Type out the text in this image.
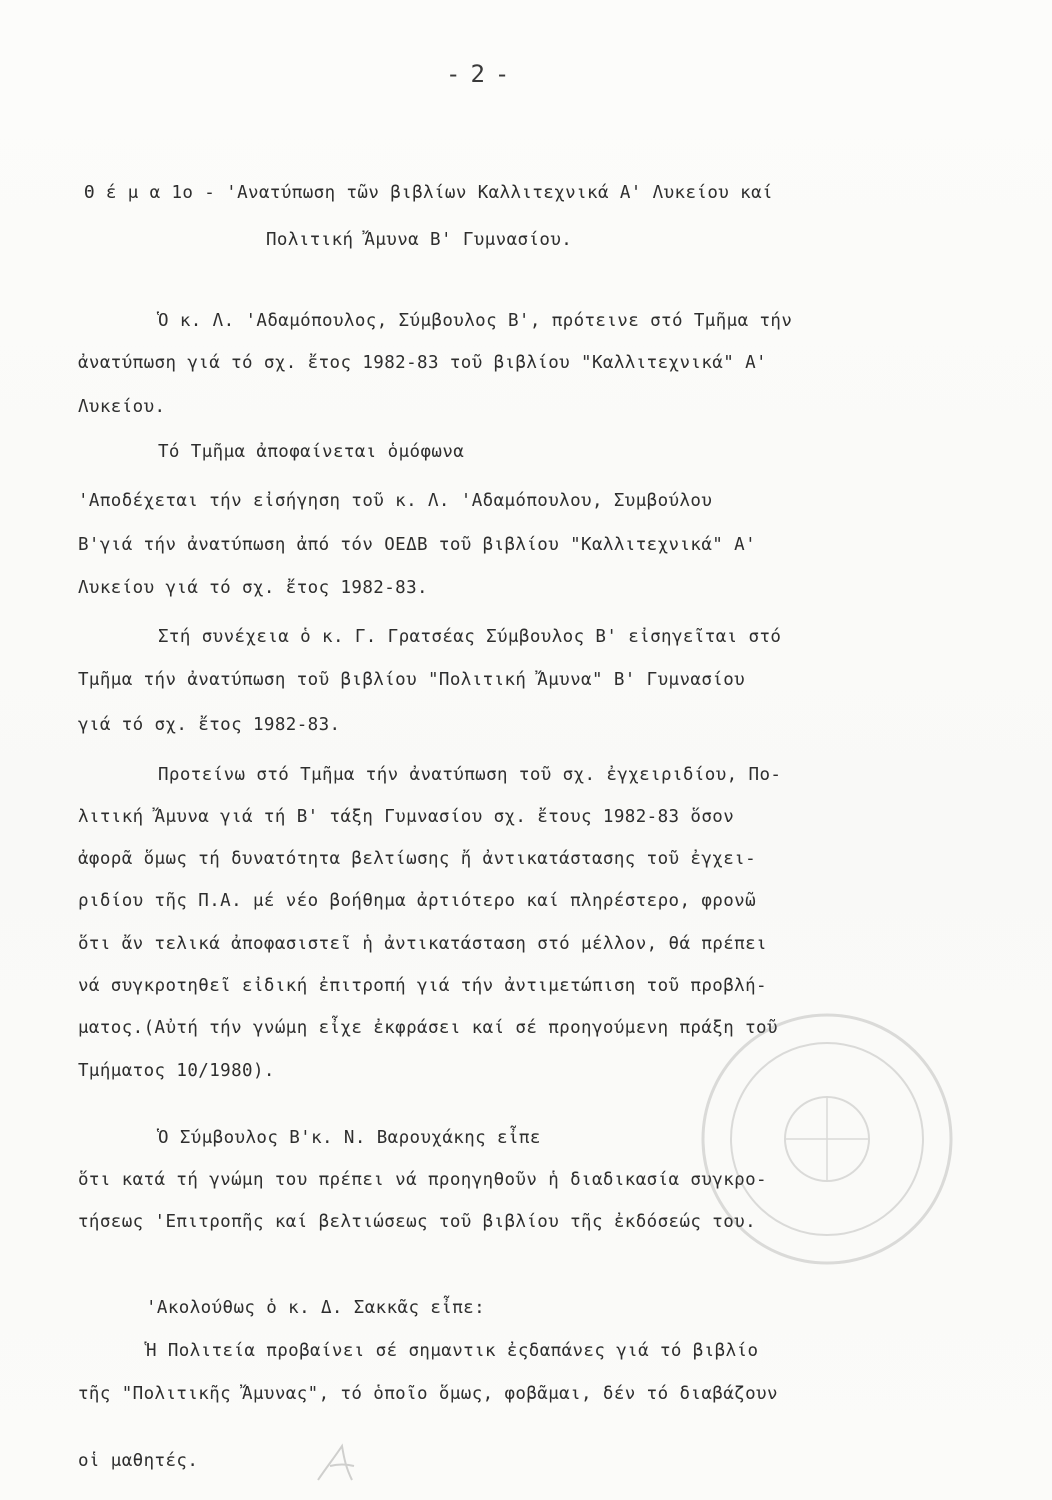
-2-
Θ έ μ α 1ο - 'Ανατύπωση τῶν βιβλίων Καλλιτεχνικά Α' Λυκείου καί
Πολιτική Ἄμυνα Β' Γυμνασίου.
Ὁ κ. Λ. 'Αδαμόπουλος, Σύμβουλος Β', πρότεινε στό Τμῆμα τήν
ἀνατύπωση γιά τό σχ. ἔτος 1982-83 τοῦ βιβλίου "Καλλιτεχνικά" Α'
Λυκείου.
Τό Τμῆμα ἀποφαίνεται ὁμόφωνα
'Αποδέχεται τήν εἰσήγηση τοῦ κ. Λ. 'Αδαμόπουλου, Συμβούλου
Β'γιά τήν ἀνατύπωση ἀπό τόν ΟΕΔΒ τοῦ βιβλίου "Καλλιτεχνικά" Α'
Λυκείου γιά τό σχ. ἔτος 1982-83.
Στή συνέχεια ὁ κ. Γ. Γρατσέας Σύμβουλος Β' εἰσηγεῖται στό
Τμῆμα τήν ἀνατύπωση τοῦ βιβλίου "Πολιτική Ἄμυνα" Β' Γυμνασίου
γιά τό σχ. ἔτος 1982-83.
Προτείνω στό Τμῆμα τήν ἀνατύπωση τοῦ σχ. ἐγχειριδίου, Πο-
λιτική Ἄμυνα γιά τή Β' τάξη Γυμνασίου σχ. ἔτους 1982-83 ὅσον
ἀφορᾶ ὅμως τή δυνατότητα βελτίωσης ἤ ἀντικατάστασης τοῦ ἐγχει-
ριδίου τῆς Π.Α. μέ νέο βοήθημα ἀρτιότερο καί πληρέστερο, φρονῶ
ὅτι ἄν τελικά ἀποφασιστεῖ ἡ ἀντικατάσταση στό μέλλον, θά πρέπει
νά συγκροτηθεῖ εἰδική ἐπιτροπή γιά τήν ἀντιμετώπιση τοῦ προβλή-
ματος.(Αὐτή τήν γνώμη εἶχε ἐκφράσει καί σέ προηγούμενη πράξη τοῦ
Τμήματος 10/1980).
Ὁ Σύμβουλος Β'κ. Ν. Βαρουχάκης εἶπε
ὅτι κατά τή γνώμη του πρέπει νά προηγηθοῦν ἡ διαδικασία συγκρο-
τήσεως 'Επιτροπῆς καί βελτιώσεως τοῦ βιβλίου τῆς ἐκδόσεώς του.
'Ακολούθως ὁ κ. Δ. Σακκᾶς εἶπε:
Ἡ Πολιτεία προβαίνει σέ σημαντικ ἐςδαπάνες γιά τό βιβλίο
τῆς "Πολιτικῆς Ἄμυνας", τό ὁποῖο ὅμως, φοβᾶμαι, δέν τό διαβάζουν
οἱ μαθητές.
